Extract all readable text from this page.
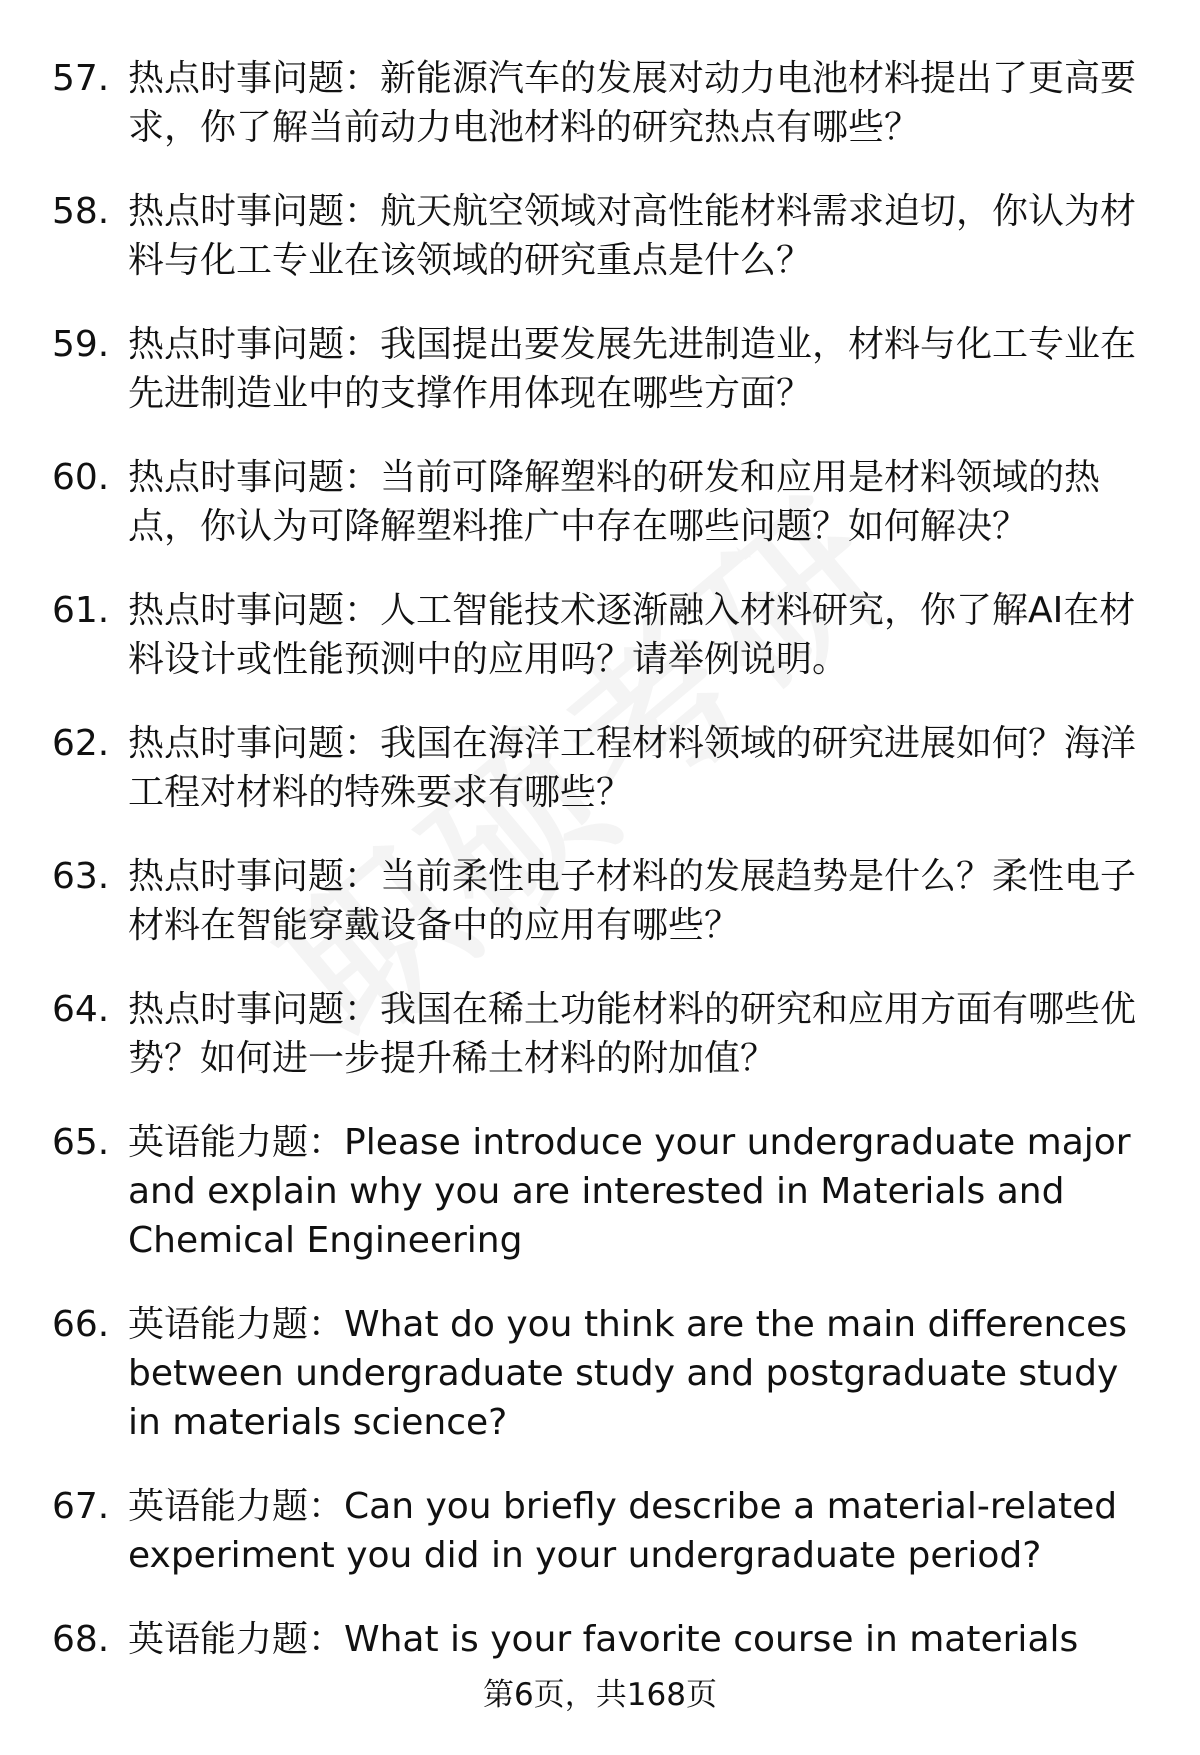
57. 热点时事问题：新能源汽车的发展对动力电池材料提出了更高要求，你了解当前动力电池材料的研究热点有哪些？
58. 热点时事问题：航天航空领域对高性能材料需求迫切，你认为材料与化工专业在该领域的研究重点是什么？
59. 热点时事问题：我国提出要发展先进制造业，材料与化工专业在先进制造业中的支撑作用体现在哪些方面？
60. 热点时事问题：当前可降解塑料的研发和应用是材料领域的热点，你认为可降解塑料推广中存在哪些问题？如何解决？
61. 热点时事问题：人工智能技术逐渐融入材料研究，你了解AI在材料设计或性能预测中的应用吗？请举例说明。
62. 热点时事问题：我国在海洋工程材料领域的研究进展如何？海洋工程对材料的特殊要求有哪些？
63. 热点时事问题：当前柔性电子材料的发展趋势是什么？柔性电子材料在智能穿戴设备中的应用有哪些？
64. 热点时事问题：我国在稀土功能材料的研究和应用方面有哪些优势？如何进一步提升稀土材料的附加值？
65. 英语能力题：Please introduce your undergraduate major and explain why you are interested in Materials and Chemical Engineering
66. 英语能力题：What do you think are the main differences between undergraduate study and postgraduate study in materials science?
67. 英语能力题：Can you briefly describe a material-related experiment you did in your undergraduate period?
68. 英语能力题：What is your favorite course in materials
第6页，共168页
